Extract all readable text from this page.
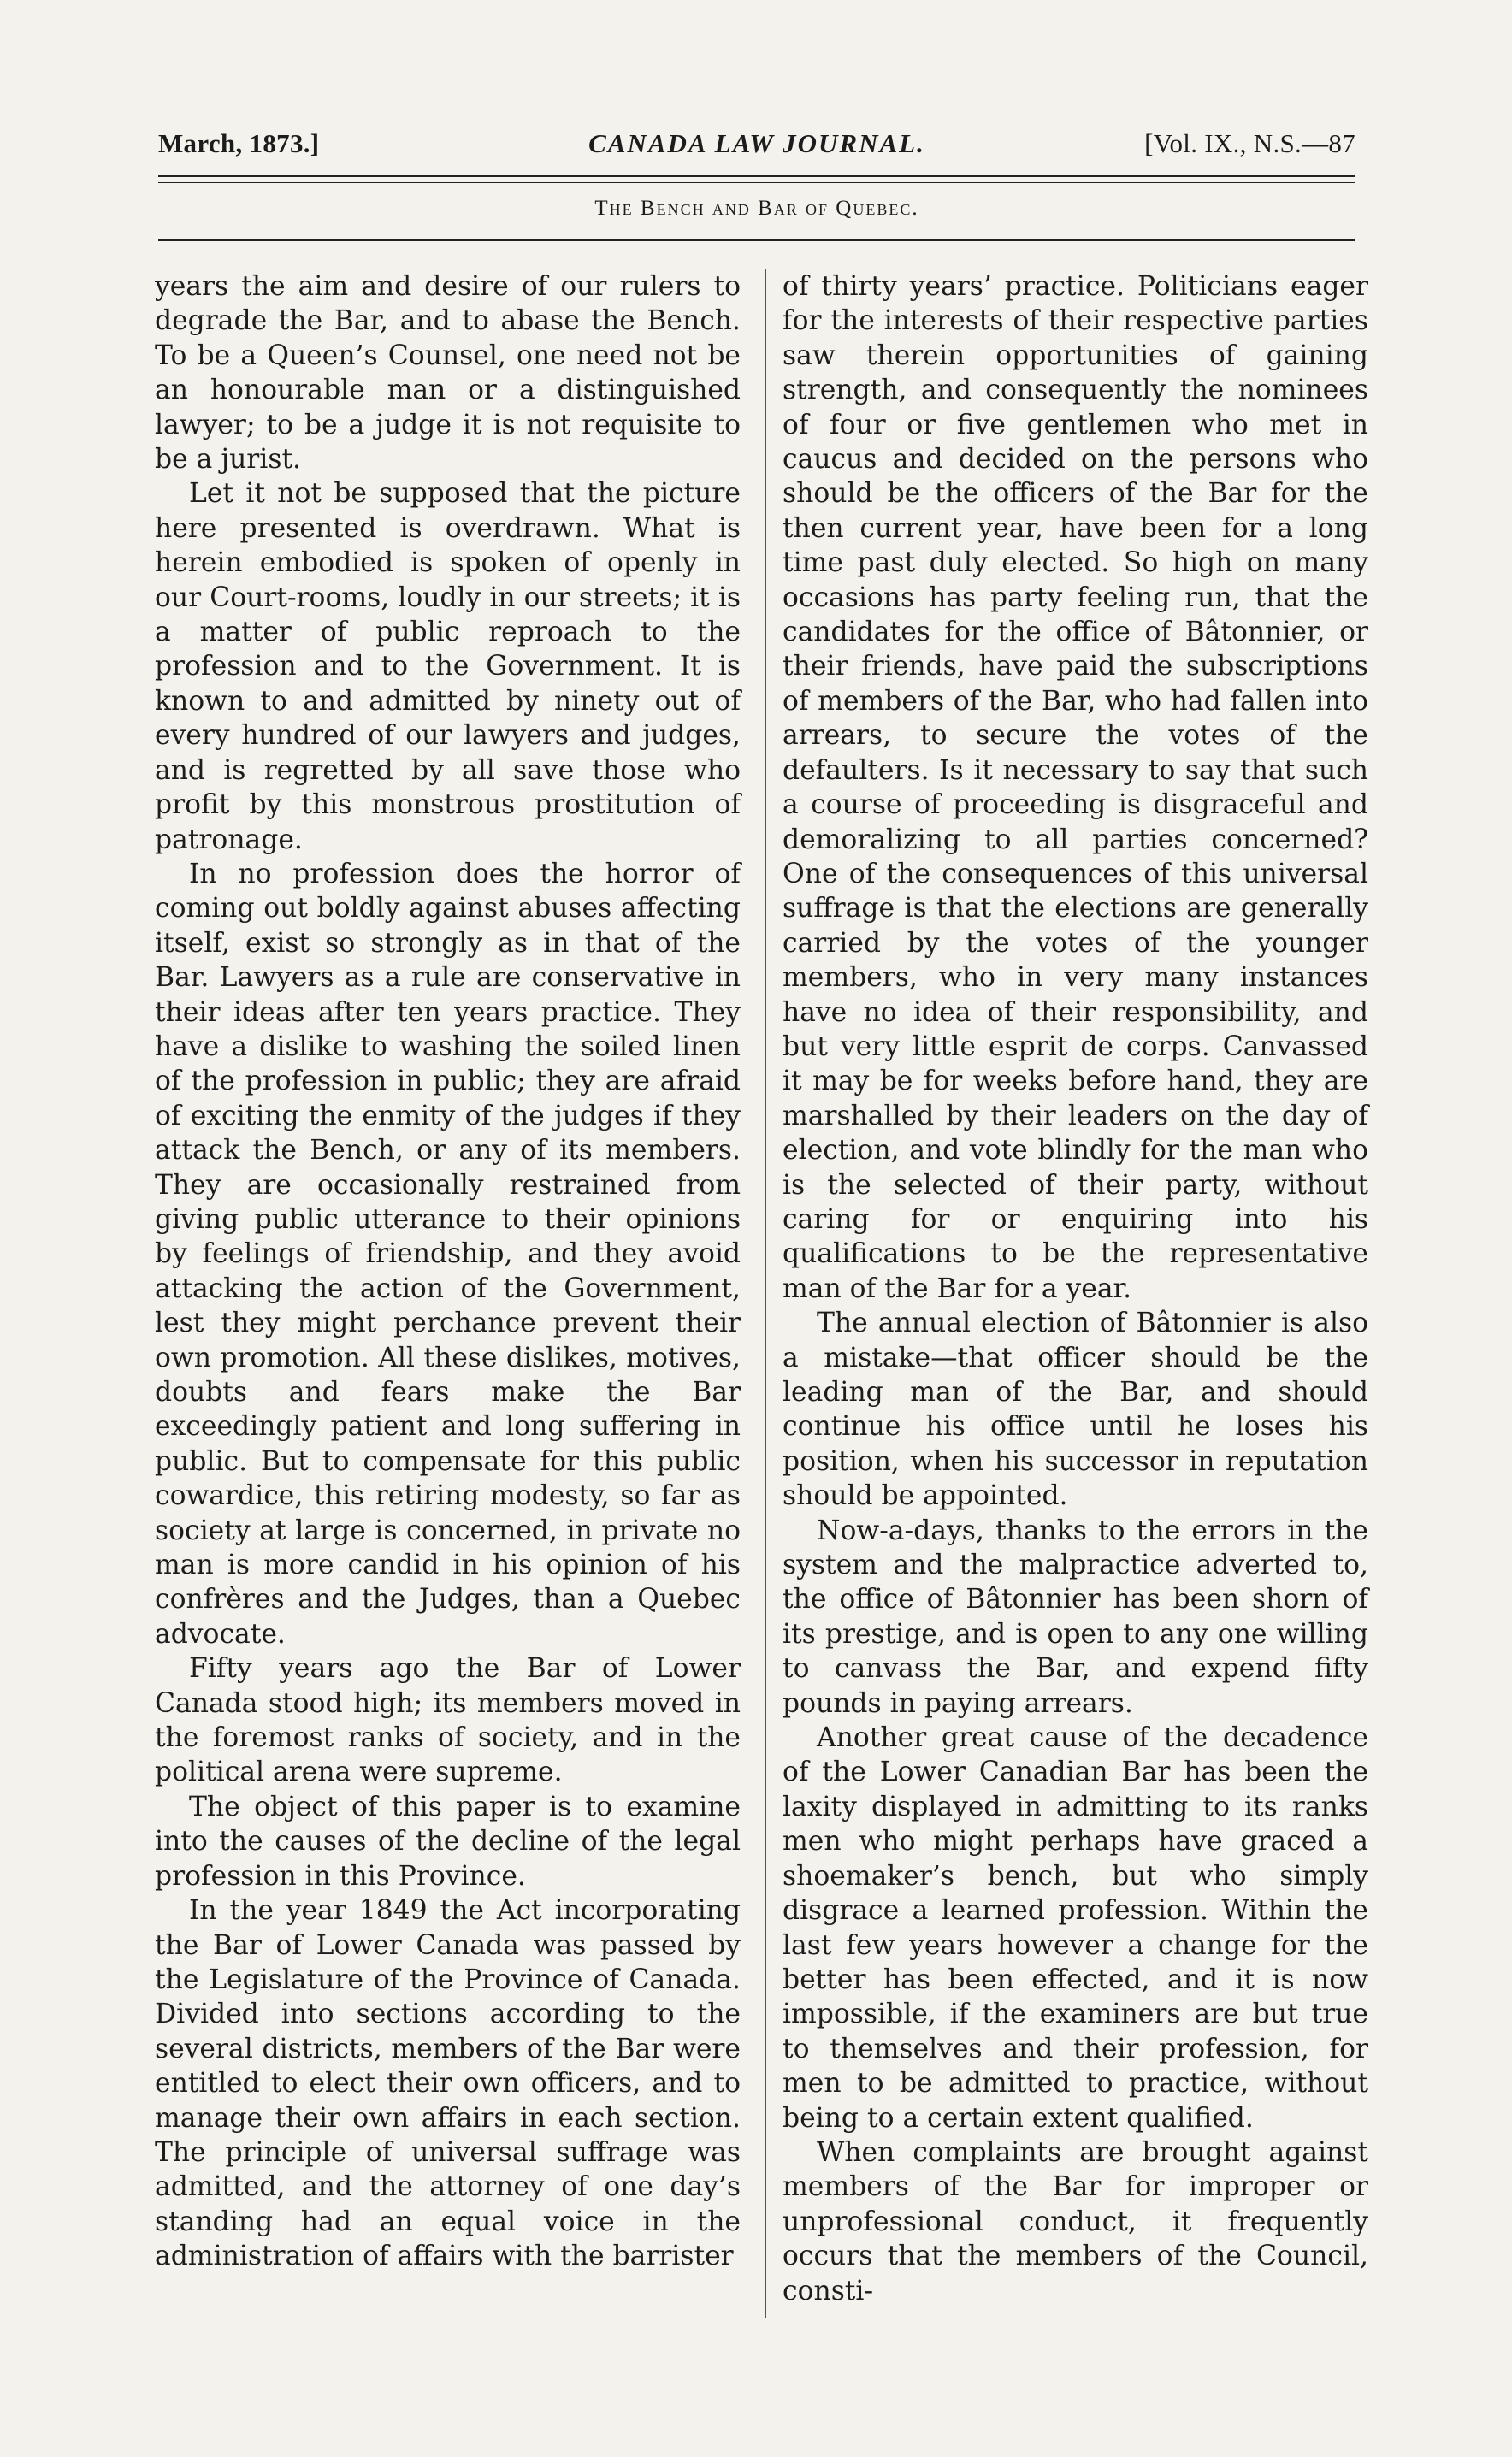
March, 1873.]	CANADA LAW JOURNAL.	[Vol. IX., N.S.—87
The Bench and Bar of Quebec.

years the aim and desire of our rulers to degrade the Bar, and to abase the Bench. To be a Queen’s Counsel, one need not be an honourable man or a distinguished lawyer; to be a judge it is not requisite to be a jurist.

Let it not be supposed that the picture here presented is overdrawn. What is herein embodied is spoken of openly in our Court-rooms, loudly in our streets; it is a matter of public reproach to the profession and to the Government. It is known to and admitted by ninety out of every hundred of our lawyers and judges, and is regretted by all save those who profit by this monstrous prostitution of patronage.

In no profession does the horror of coming out boldly against abuses affecting itself, exist so strongly as in that of the Bar. Lawyers as a rule are conservative in their ideas after ten years practice. They have a dislike to washing the soiled linen of the profession in public; they are afraid of exciting the enmity of the judges if they attack the Bench, or any of its members. They are occasionally restrained from giving public utterance to their opinions by feelings of friendship, and they avoid attacking the action of the Government, lest they might perchance prevent their own promotion. All these dislikes, motives, doubts and fears make the Bar exceedingly patient and long suffering in public. But to compensate for this public cowardice, this retiring modesty, so far as society at large is concerned, in private no man is more candid in his opinion of his confrères and the Judges, than a Quebec advocate.

Fifty years ago the Bar of Lower Canada stood high; its members moved in the foremost ranks of society, and in the political arena were supreme.

The object of this paper is to examine into the causes of the decline of the legal profession in this Province.

In the year 1849 the Act incorporating the Bar of Lower Canada was passed by the Legislature of the Province of Canada. Divided into sections according to the several districts, members of the Bar were entitled to elect their own officers, and to manage their own affairs in each section. The principle of universal suffrage was admitted, and the attorney of one day’s standing had an equal voice in the administration of affairs with the barrister

of thirty years’ practice. Politicians eager for the interests of their respective parties saw therein opportunities of gaining strength, and consequently the nominees of four or five gentlemen who met in caucus and decided on the persons who should be the officers of the Bar for the then current year, have been for a long time past duly elected. So high on many occasions has party feeling run, that the candidates for the office of Bâtonnier, or their friends, have paid the subscriptions of members of the Bar, who had fallen into arrears, to secure the votes of the defaulters. Is it necessary to say that such a course of proceeding is disgraceful and demoralizing to all parties concerned? One of the consequences of this universal suffrage is that the elections are generally carried by the votes of the younger members, who in very many instances have no idea of their responsibility, and but very little esprit de corps. Canvassed it may be for weeks before hand, they are marshalled by their leaders on the day of election, and vote blindly for the man who is the selected of their party, without caring for or enquiring into his qualifications to be the representative man of the Bar for a year.

The annual election of Bâtonnier is also a mistake—that officer should be the leading man of the Bar, and should continue his office until he loses his position, when his successor in reputation should be appointed.

Now-a-days, thanks to the errors in the system and the malpractice adverted to, the office of Bâtonnier has been shorn of its prestige, and is open to any one willing to canvass the Bar, and expend fifty pounds in paying arrears.

Another great cause of the decadence of the Lower Canadian Bar has been the laxity displayed in admitting to its ranks men who might perhaps have graced a shoemaker’s bench, but who simply disgrace a learned profession. Within the last few years however a change for the better has been effected, and it is now impossible, if the examiners are but true to themselves and their profession, for men to be admitted to practice, without being to a certain extent qualified.

When complaints are brought against members of the Bar for improper or unprofessional conduct, it frequently occurs that the members of the Council, consti-
